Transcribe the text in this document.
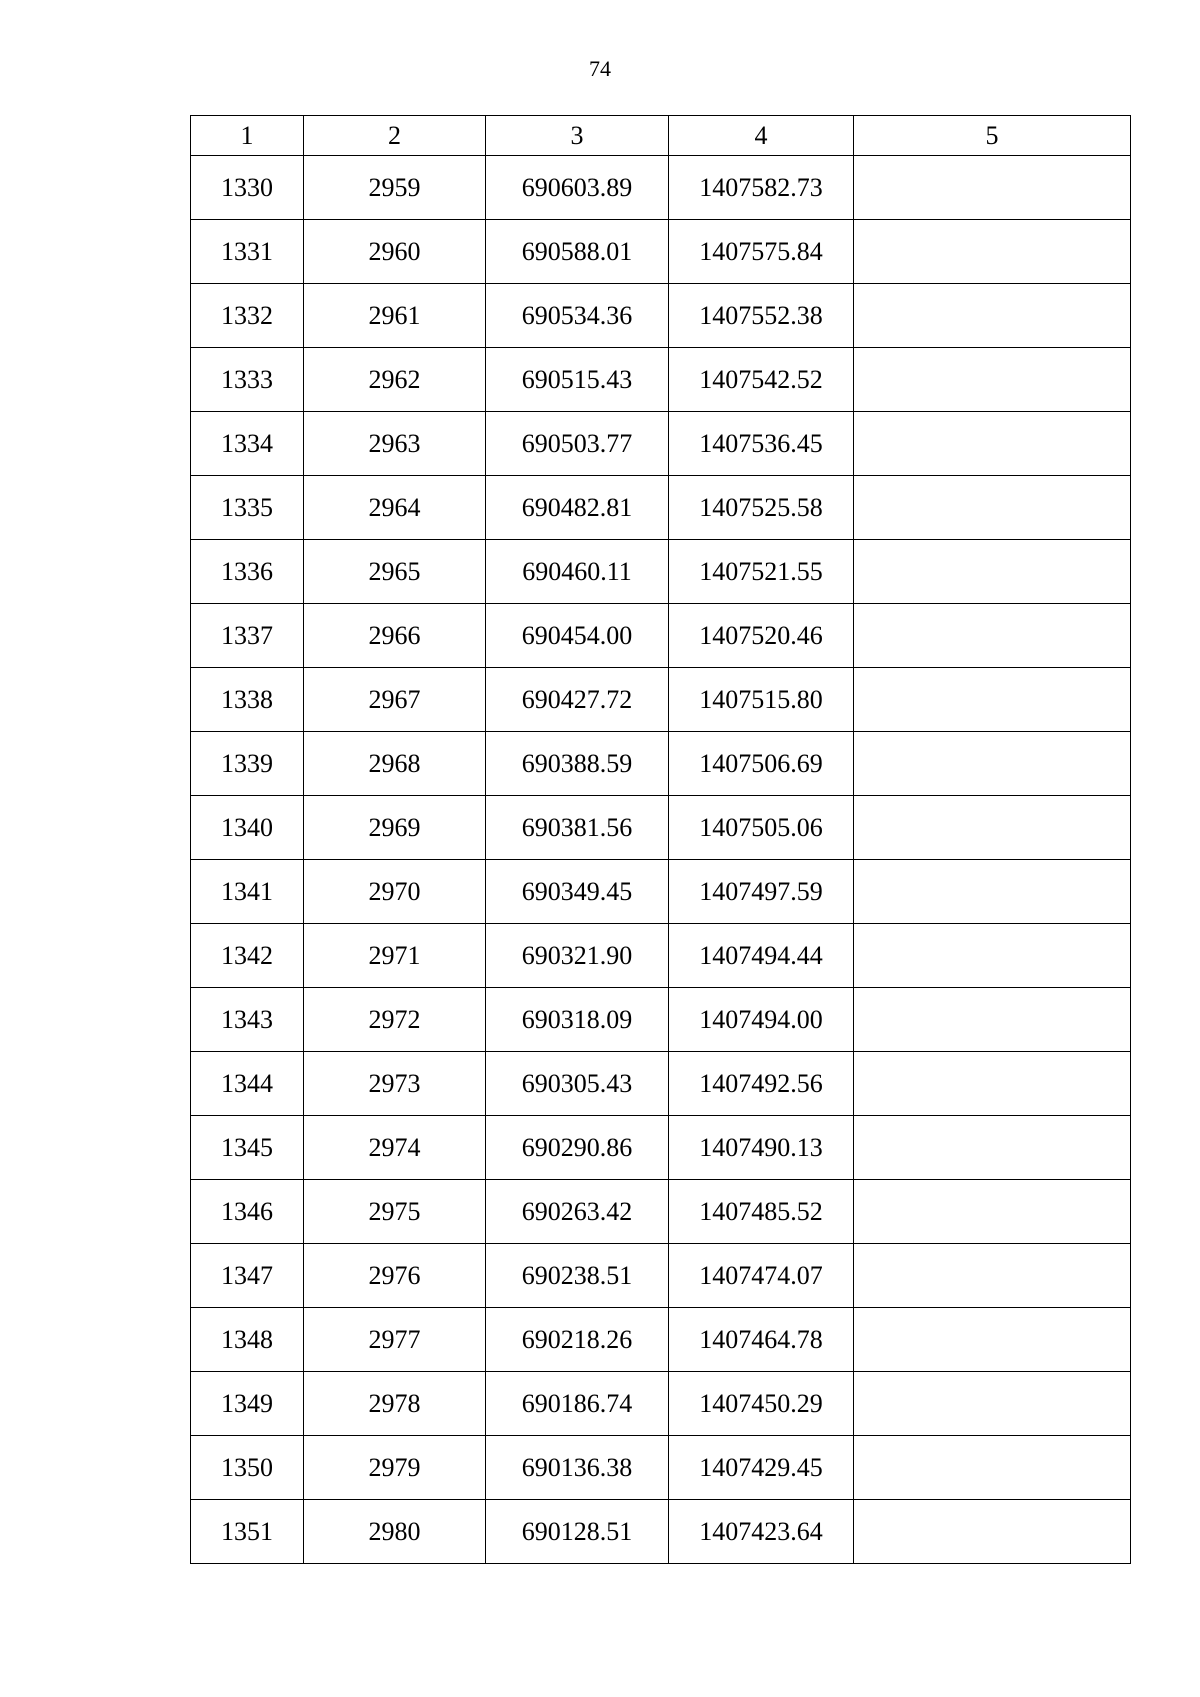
74
1	2	3	4	5
1330	2959	690603.89	1407582.73	
1331	2960	690588.01	1407575.84	
1332	2961	690534.36	1407552.38	
1333	2962	690515.43	1407542.52	
1334	2963	690503.77	1407536.45	
1335	2964	690482.81	1407525.58	
1336	2965	690460.11	1407521.55	
1337	2966	690454.00	1407520.46	
1338	2967	690427.72	1407515.80	
1339	2968	690388.59	1407506.69	
1340	2969	690381.56	1407505.06	
1341	2970	690349.45	1407497.59	
1342	2971	690321.90	1407494.44	
1343	2972	690318.09	1407494.00	
1344	2973	690305.43	1407492.56	
1345	2974	690290.86	1407490.13	
1346	2975	690263.42	1407485.52	
1347	2976	690238.51	1407474.07	
1348	2977	690218.26	1407464.78	
1349	2978	690186.74	1407450.29	
1350	2979	690136.38	1407429.45	
1351	2980	690128.51	1407423.64	
